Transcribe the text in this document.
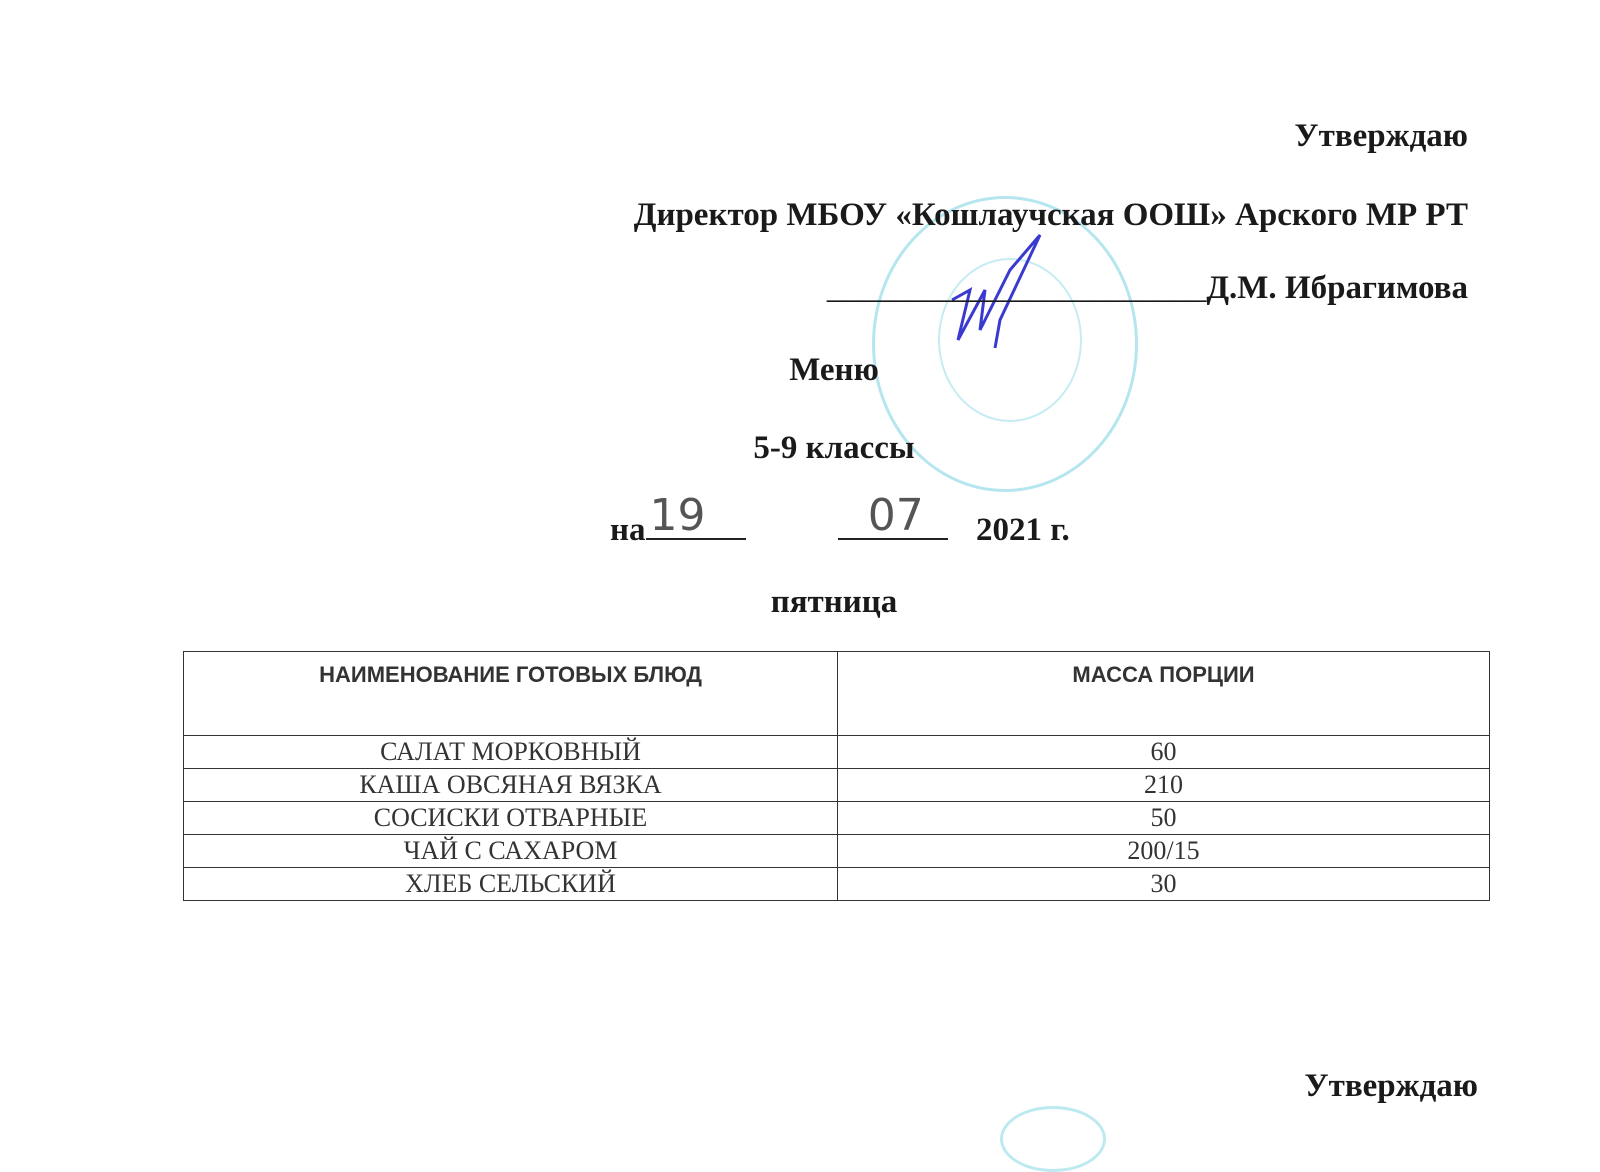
Утверждаю
Директор МБОУ «Кошлаучская ООШ» Арского МР РТ
_______________________Д.М. Ибрагимова
Меню
5-9 классы
на 19
	07 2021 г.
пятница
НАИМЕНОВАНИЕ ГОТОВЫХ БЛЮД	МАССА ПОРЦИИ
САЛАТ МОРКОВНЫЙ	60
КАША ОВСЯНАЯ ВЯЗКА	210
СОСИСКИ ОТВАРНЫЕ	50
ЧАЙ С САХАРОМ	200/15
ХЛЕБ СЕЛЬСКИЙ	30
Утверждаю
